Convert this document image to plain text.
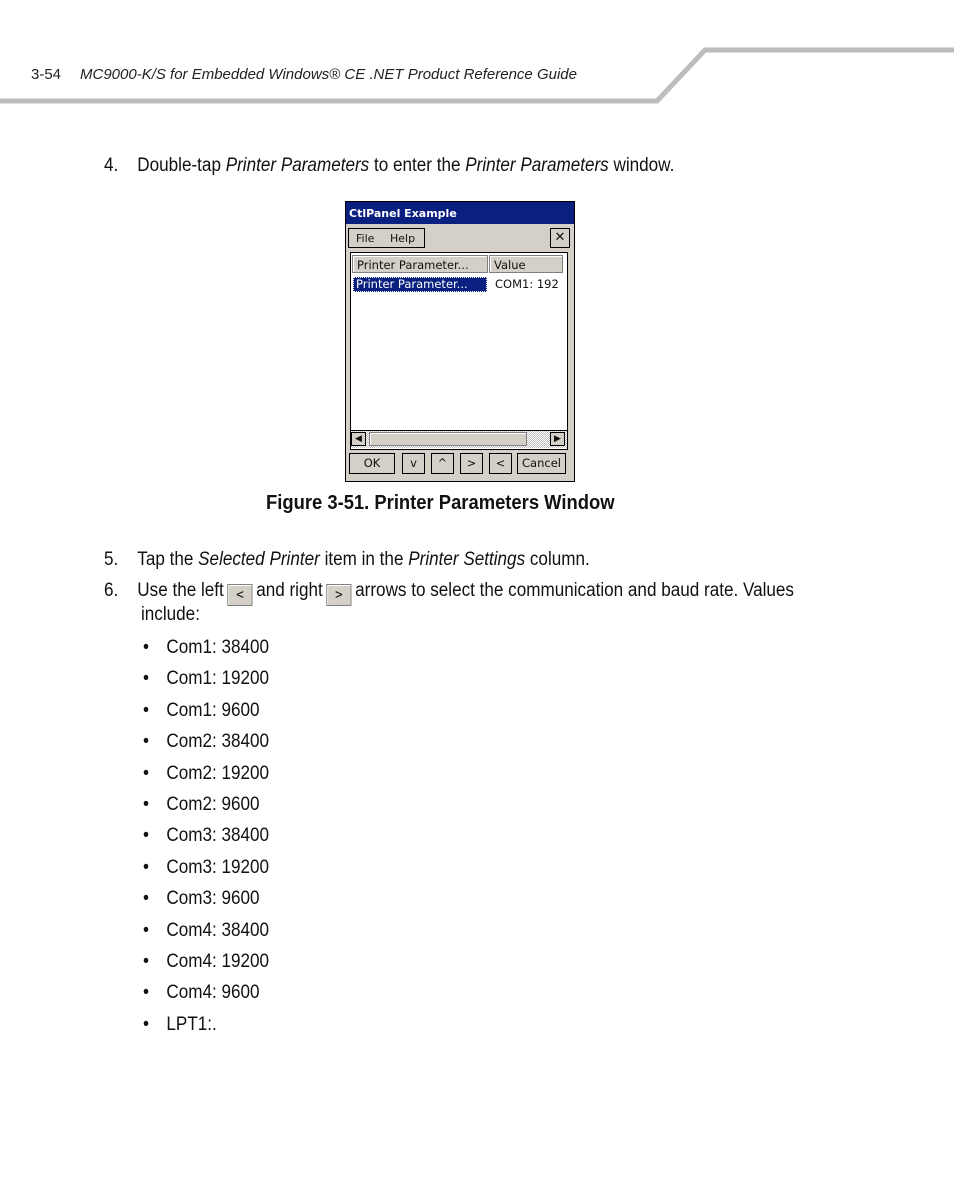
3-54 MC9000-K/S for Embedded Windows® CE .NET Product Reference Guide
4. Double-tap Printer Parameters to enter the Printer Parameters window.
CtlPanel Example
File Help	✕
Printer Parameter...	Value
Printer Parameter...	COM1: 192
◀	▶
OK	v	^	>	<	Cancel
Figure 3-51. Printer Parameters Window
5. Tap the Selected Printer item in the Printer Settings column.
6. Use the left < and right > arrows to select the communication and baud rate. Values
include:
• Com1: 38400
• Com1: 19200
• Com1: 9600
• Com2: 38400
• Com2: 19200
• Com2: 9600
• Com3: 38400
• Com3: 19200
• Com3: 9600
• Com4: 38400
• Com4: 19200
• Com4: 9600
• LPT1:.
